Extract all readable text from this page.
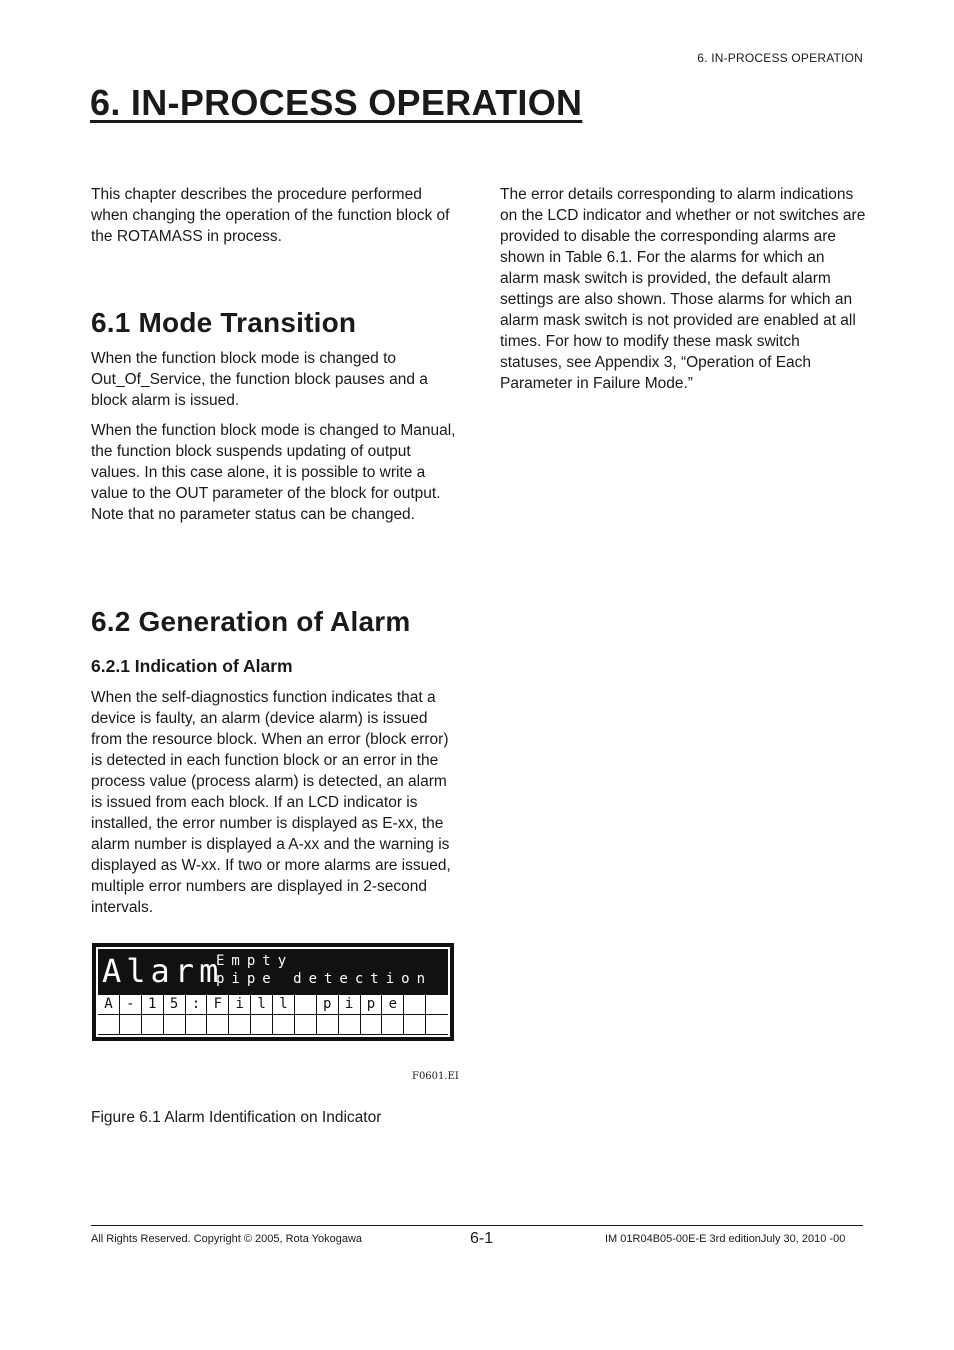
6. IN-PROCESS OPERATION
6. IN-PROCESS OPERATION

This chapter describes the procedure performed when changing the operation of the function block of the ROTAMASS in process.

The error details corresponding to alarm indications on the LCD indicator and whether or not switches are provided to disable the corresponding alarms are shown in Table 6.1. For the alarms for which an alarm mask switch is provided, the default alarm settings are also shown. Those alarms for which an alarm mask switch is not provided are enabled at all times. For how to modify these mask switch statuses, see Appendix 3, “Operation of Each Parameter in Failure Mode.”

6.1 Mode Transition

When the function block mode is changed to Out_Of_Service, the function block pauses and a block alarm is issued.

When the function block mode is changed to Manual, the function block suspends updating of output values. In this case alone, it is possible to write a value to the OUT parameter of the block for output. Note that no parameter status can be changed.

6.2 Generation of Alarm
6.2.1 Indication of Alarm

When the self-diagnostics function indicates that a device is faulty, an alarm (device alarm) is issued from the resource block. When an error (block error) is detected in each function block or an error in the process value (process alarm) is detected, an alarm is issued from each block. If an LCD indicator is installed, the error number is displayed as E-xx, the alarm number is displayed a A-xx and the warning is displayed as W-xx. If two or more alarms are issued, multiple error numbers are displayed in 2-second intervals.

Alarm
Empty
pipe detection
A - 1 5 : F i l l	p i p e
F0601.EI
Figure 6.1 Alarm Identification on Indicator
All Rights Reserved. Copyright © 2005, Rota Yokogawa	6-1	IM 01R04B05-00E-E 3rd editionJuly 30, 2010 -00
